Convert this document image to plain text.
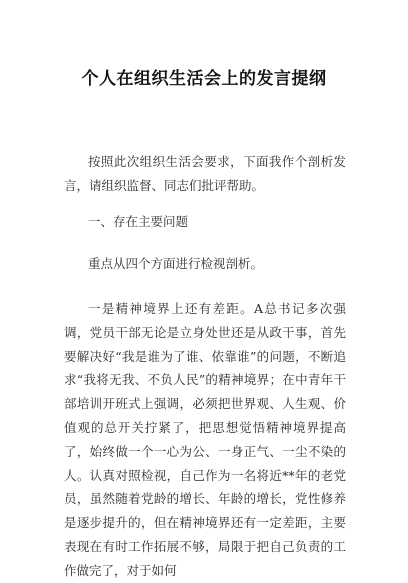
个人在组织生活会上的发言提纲

按照此次组织生活会要求，下面我作个剖析发言，请组织监督、同志们批评帮助。

一、存在主要问题

重点从四个方面进行检视剖析。

一是精神境界上还有差距。A总书记多次强调，党员干部无论是立身处世还是从政干事，首先要解决好“我是谁为了谁、依靠谁”的问题，不断追求“我将无我、不负人民”的精神境界；在中青年干部培训开班式上强调，必须把世界观、人生观、价值观的总开关拧紧了，把思想觉悟精神境界提高了，始终做一个一心为公、一身正气、一尘不染的人。认真对照检视，自己作为一名将近**年的老党员，虽然随着党龄的增长、年龄的增长，党性修养是逐步提升的，但在精神境界还有一定差距，主要表现在有时工作拓展不够，局限于把自己负责的工作做完了，对于如何
